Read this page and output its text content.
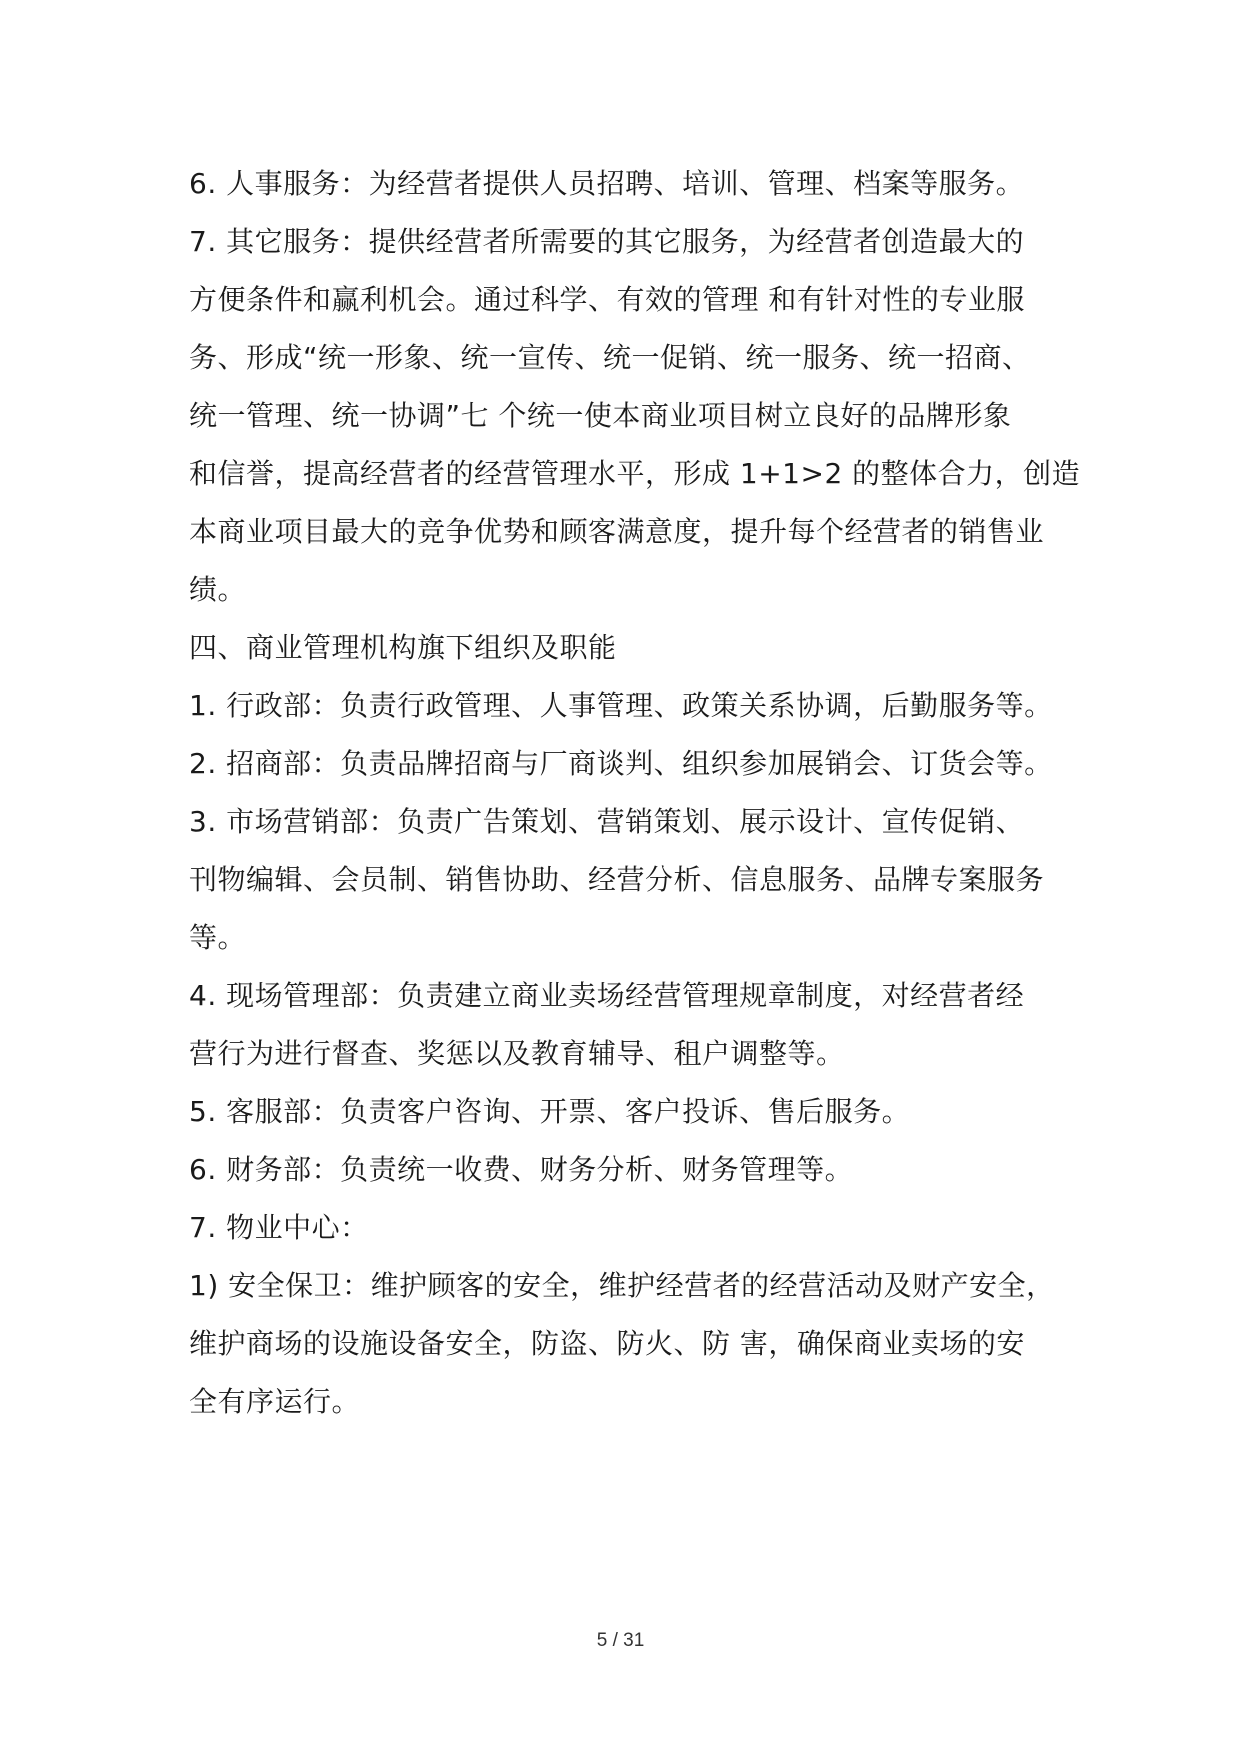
6. 人事服务：为经营者提供人员招聘、培训、管理、档案等服务。
7. 其它服务：提供经营者所需要的其它服务，为经营者创造最大的
方便条件和赢利机会。通过科学、有效的管理 和有针对性的专业服
务、形成“统一形象、统一宣传、统一促销、统一服务、统一招商、
统一管理、统一协调”七 个统一使本商业项目树立良好的品牌形象
和信誉，提高经营者的经营管理水平，形成 1+1>2 的整体合力，创造
本商业项目最大的竞争优势和顾客满意度，提升每个经营者的销售业
绩。
四、商业管理机构旗下组织及职能
1. 行政部：负责行政管理、人事管理、政策关系协调，后勤服务等。
2. 招商部：负责品牌招商与厂商谈判、组织参加展销会、订货会等。
3. 市场营销部：负责广告策划、营销策划、展示设计、宣传促销、
刊物编辑、会员制、销售协助、经营分析、信息服务、品牌专案服务
等。
4. 现场管理部：负责建立商业卖场经营管理规章制度，对经营者经
营行为进行督查、奖惩以及教育辅导、租户调整等。
5. 客服部：负责客户咨询、开票、客户投诉、售后服务。
6. 财务部：负责统一收费、财务分析、财务管理等。
7. 物业中心：
1) 安全保卫：维护顾客的安全，维护经营者的经营活动及财产安全，
维护商场的设施设备安全，防盗、防火、防 害，确保商业卖场的安
全有序运行。
5 / 31
